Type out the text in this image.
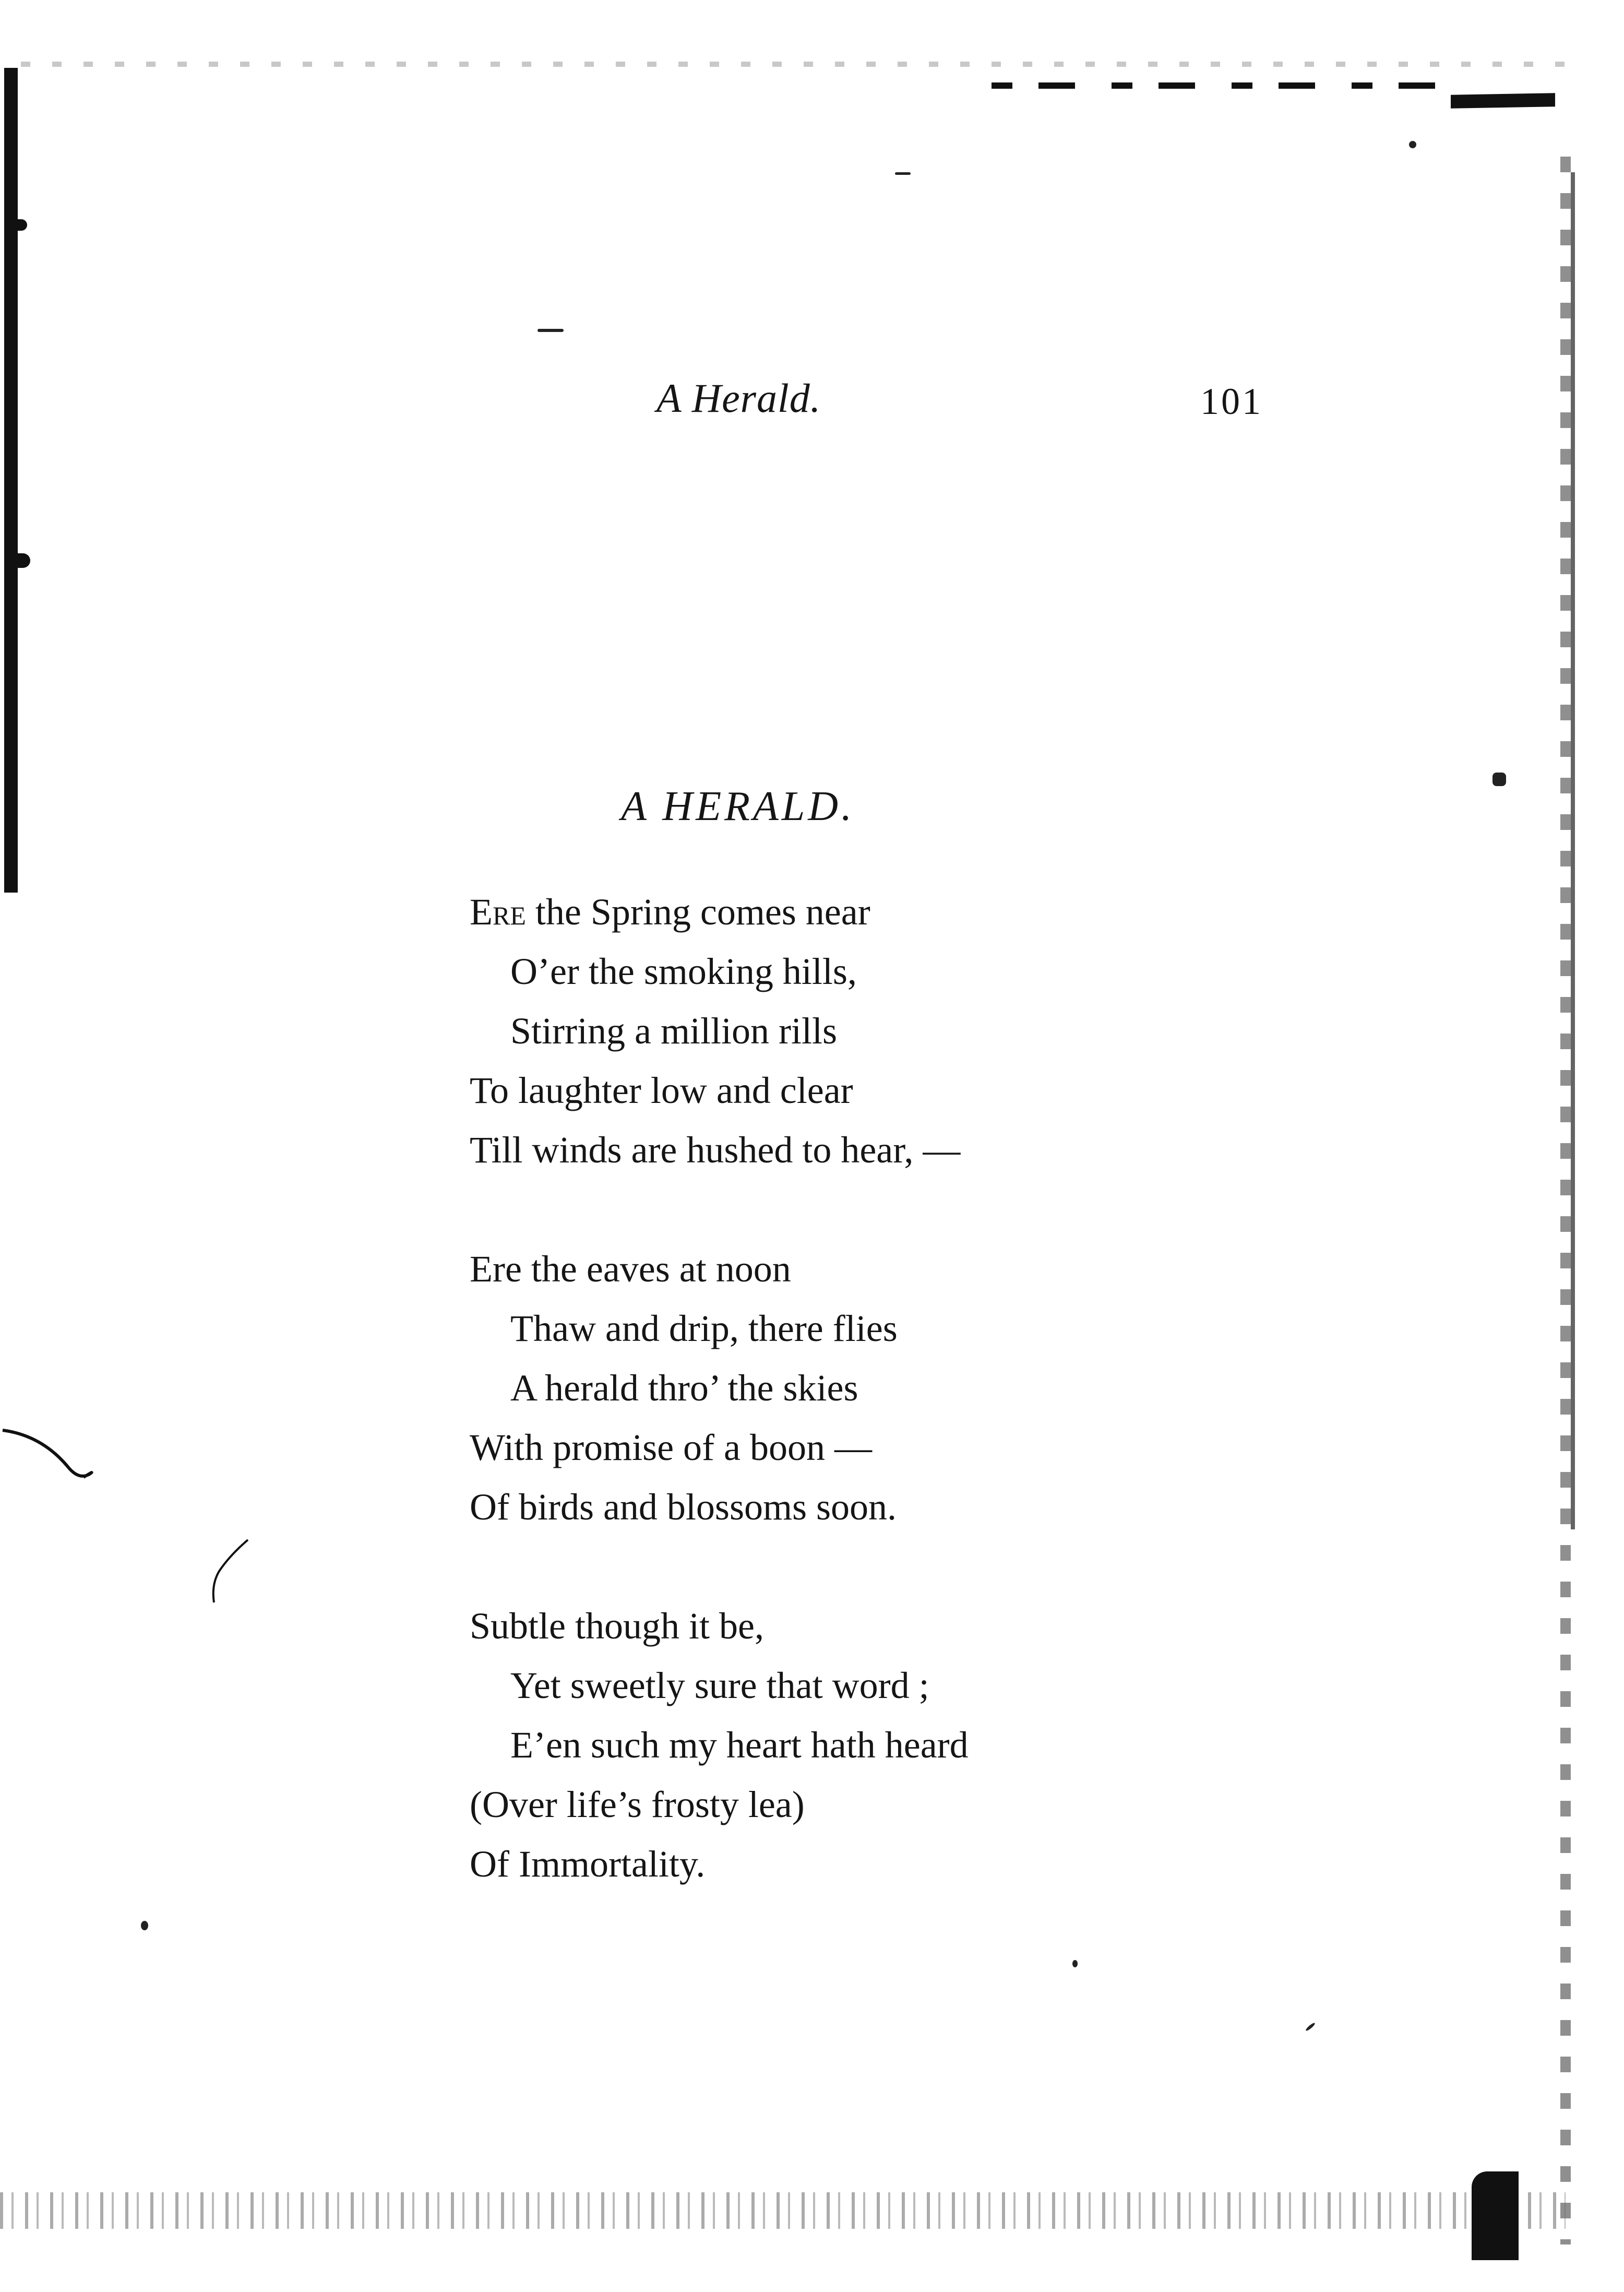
A Herald.	101
A HERALD.
Ere the Spring comes near
O’er the smoking hills,
Stirring a million rills
To laughter low and clear
Till winds are hushed to hear, —
Ere the eaves at noon
Thaw and drip, there flies
A herald thro’ the skies
With promise of a boon —
Of birds and blossoms soon.
Subtle though it be,
Yet sweetly sure that word ;
E’en such my heart hath heard
(Over life’s frosty lea)
Of Immortality.
